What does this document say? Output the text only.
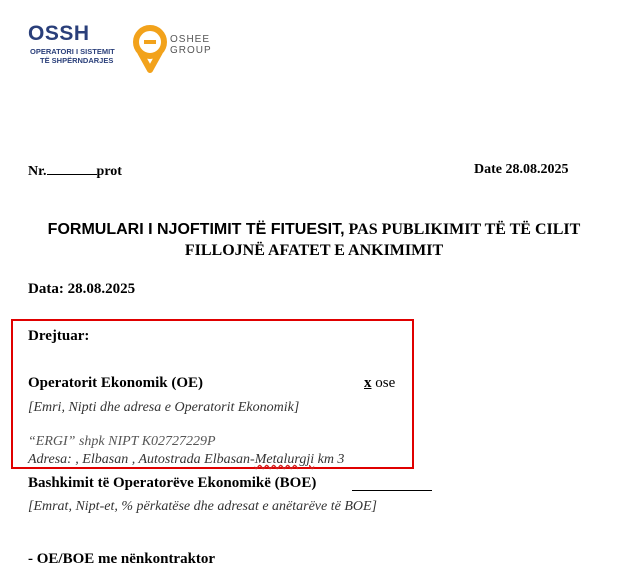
OSSH
OPERATORI I SISTEMIT
TË SHPËRNDARJES
OSHEE
GROUP
Nr.	prot	Date 28.08.2025
FORMULARI I NJOFTIMIT TË FITUESIT, PAS PUBLIKIMIT TË TË CILIT
FILLOJNË AFATET E ANKIMIMIT
Data: 28.08.2025
Drejtuar:
Operatorit Ekonomik (OE)	x ose
[Emri, Nipti dhe adresa e Operatorit Ekonomik]
“ERGI” shpk NIPT K02727229P
Adresa: , Elbasan , Autostrada Elbasan-Metalurgji km 3
Bashkimit të Operatorëve Ekonomikë (BOE)
[Emrat, Nipt-et, % përkatëse dhe adresat e anëtarëve të BOE]
- OE/BOE me nënkontraktor
